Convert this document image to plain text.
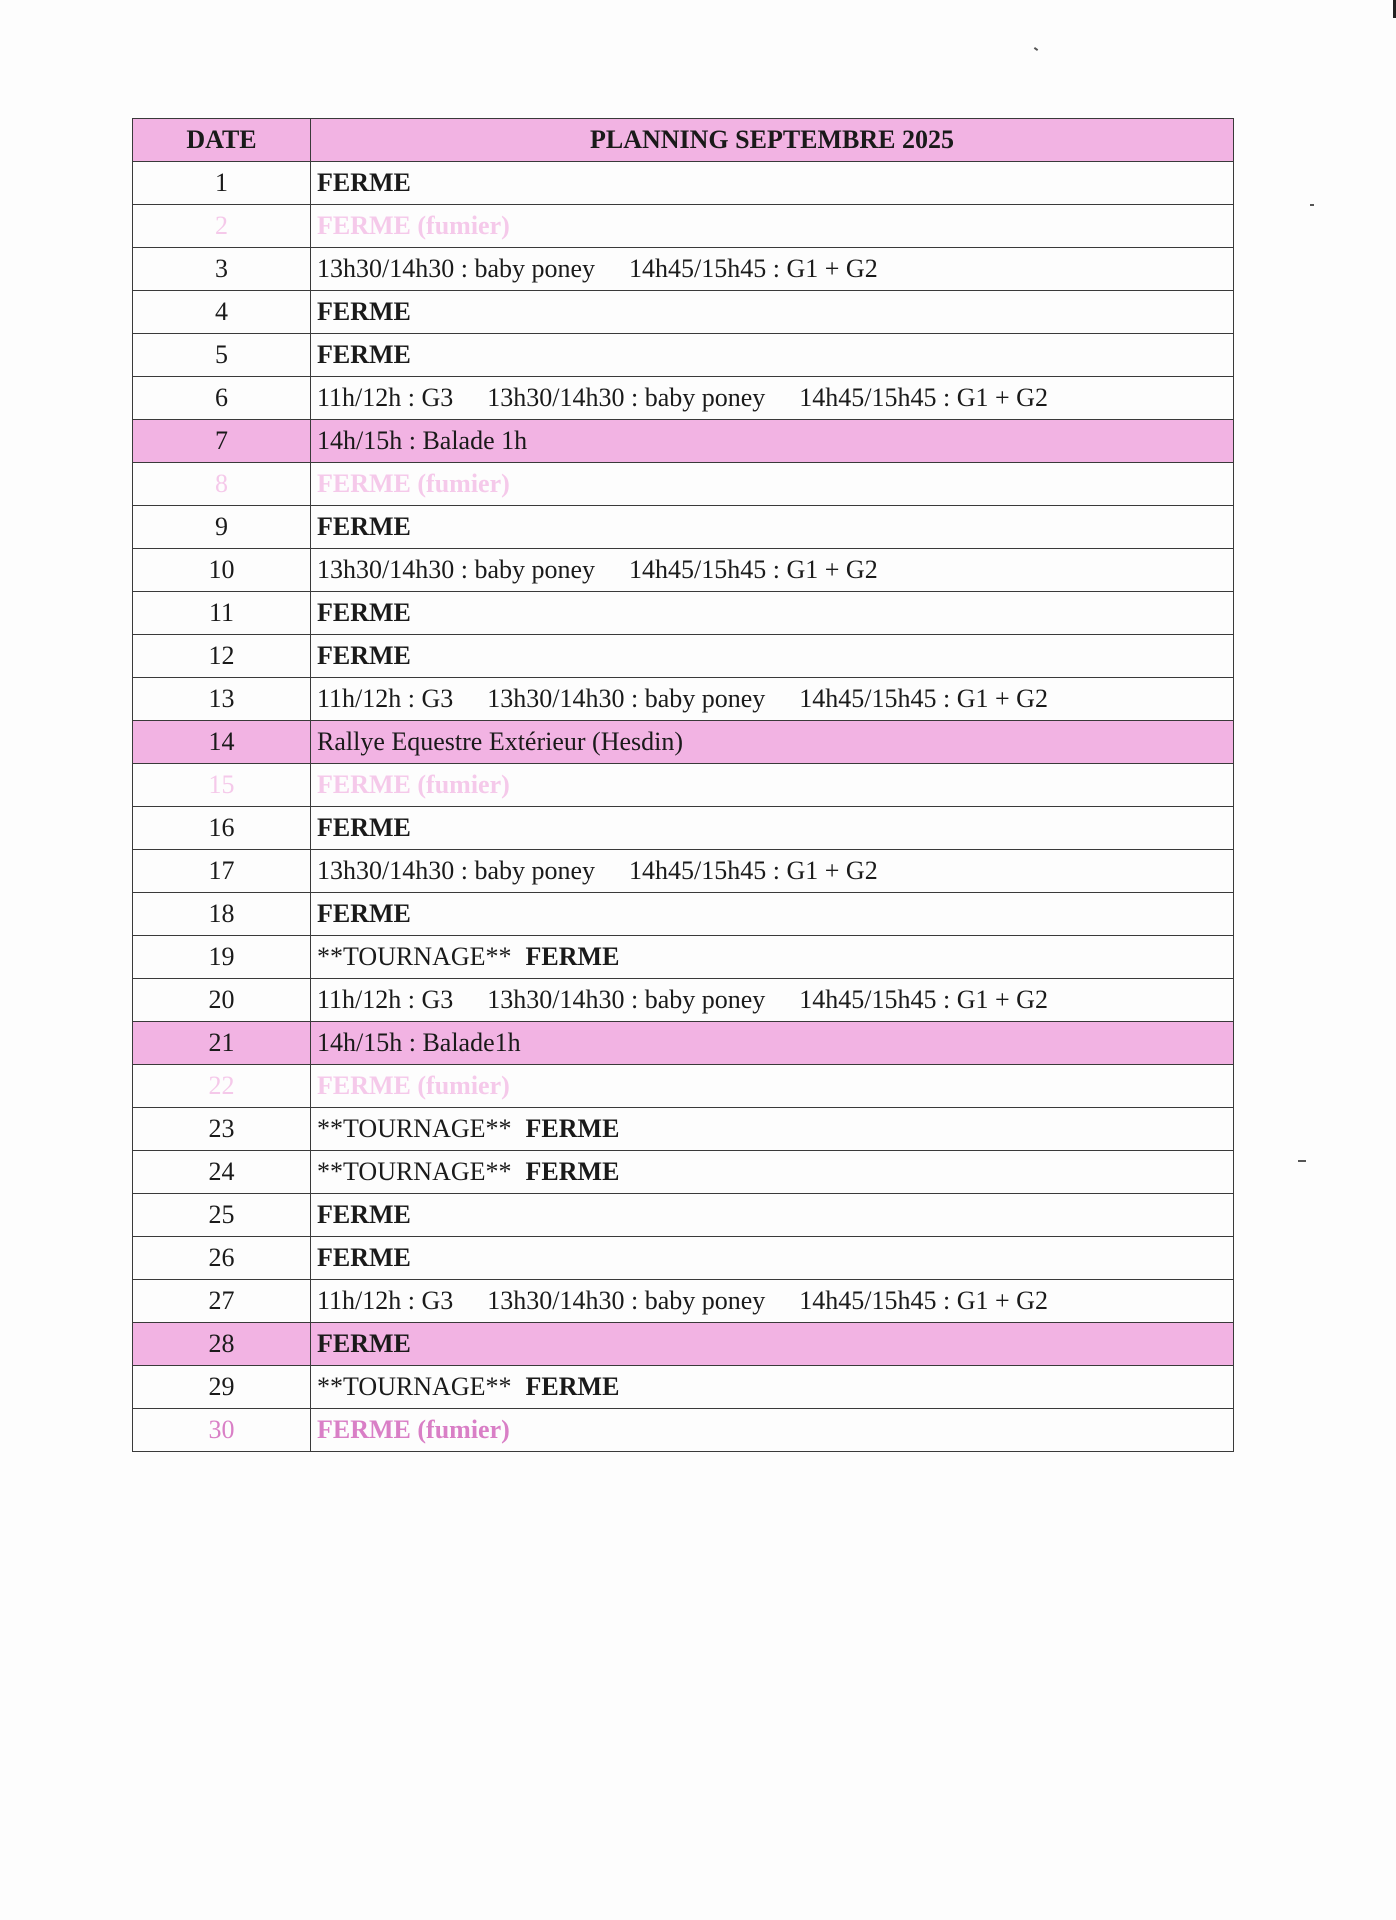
DATE	PLANNING SEPTEMBRE 2025
1	FERME
2	FERME (fumier)
3	13h30/14h30 : baby poney 14h45/15h45 : G1 + G2
4	FERME
5	FERME
6	11h/12h : G3 13h30/14h30 : baby poney 14h45/15h45 : G1 + G2
7	14h/15h : Balade 1h
8	FERME (fumier)
9	FERME
10	13h30/14h30 : baby poney 14h45/15h45 : G1 + G2
11	FERME
12	FERME
13	11h/12h : G3 13h30/14h30 : baby poney 14h45/15h45 : G1 + G2
14	Rallye Equestre Extérieur (Hesdin)
15	FERME (fumier)
16	FERME
17	13h30/14h30 : baby poney 14h45/15h45 : G1 + G2
18	FERME
19	**TOURNAGE** FERME
20	11h/12h : G3 13h30/14h30 : baby poney 14h45/15h45 : G1 + G2
21	14h/15h : Balade1h
22	FERME (fumier)
23	**TOURNAGE** FERME
24	**TOURNAGE** FERME
25	FERME
26	FERME
27	11h/12h : G3 13h30/14h30 : baby poney 14h45/15h45 : G1 + G2
28	FERME
29	**TOURNAGE** FERME
30	FERME (fumier)
